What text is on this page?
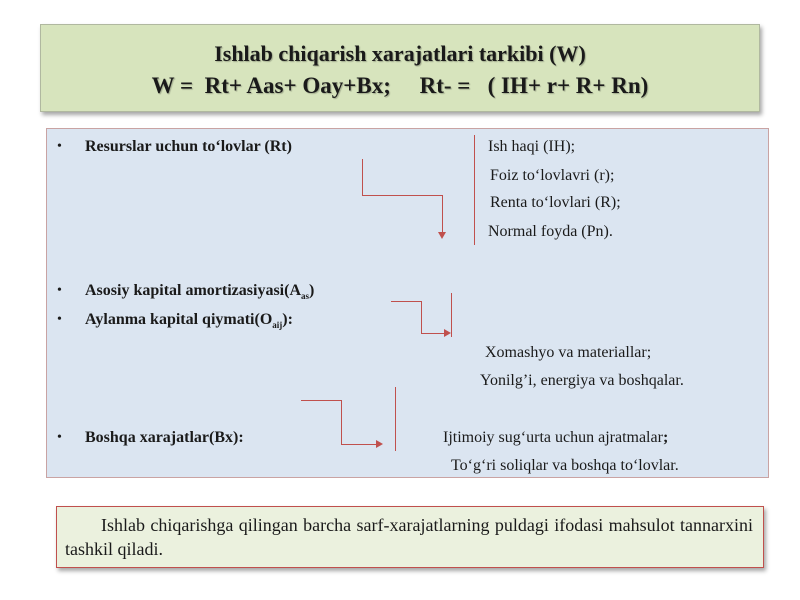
Ishlab chiqarish xarajatlari tarkibi (W)
W =  Rt+ Aas+ Oay+Bx;     Rt- =   ( IH+ r+ R+ Rn)
• Resurslar uchun to‘lovlar (Rt)	Ish haqi (IH);
Foiz to‘lovlavri (r);
Renta to‘lovlari (R);
Normal foyda (Pn).
• Asosiy kapital $amortizasiyasi(A_{as})$
• Aylanma kapital $qiymati(O_{aij})$:
Xomashyo va materiallar;
Yonilg’i, energiya va boshqalar.
• Boshqa xarajatlar(Bx):	Ijtimoiy sug‘urta uchun ajratmalar;
To‘g‘ri soliqlar va boshqa to‘lovlar.
Ishlab chiqarishga qilingan barcha sarf-xarajatlarning puldagi ifodasi mahsulot tannarxini tashkil qiladi.
